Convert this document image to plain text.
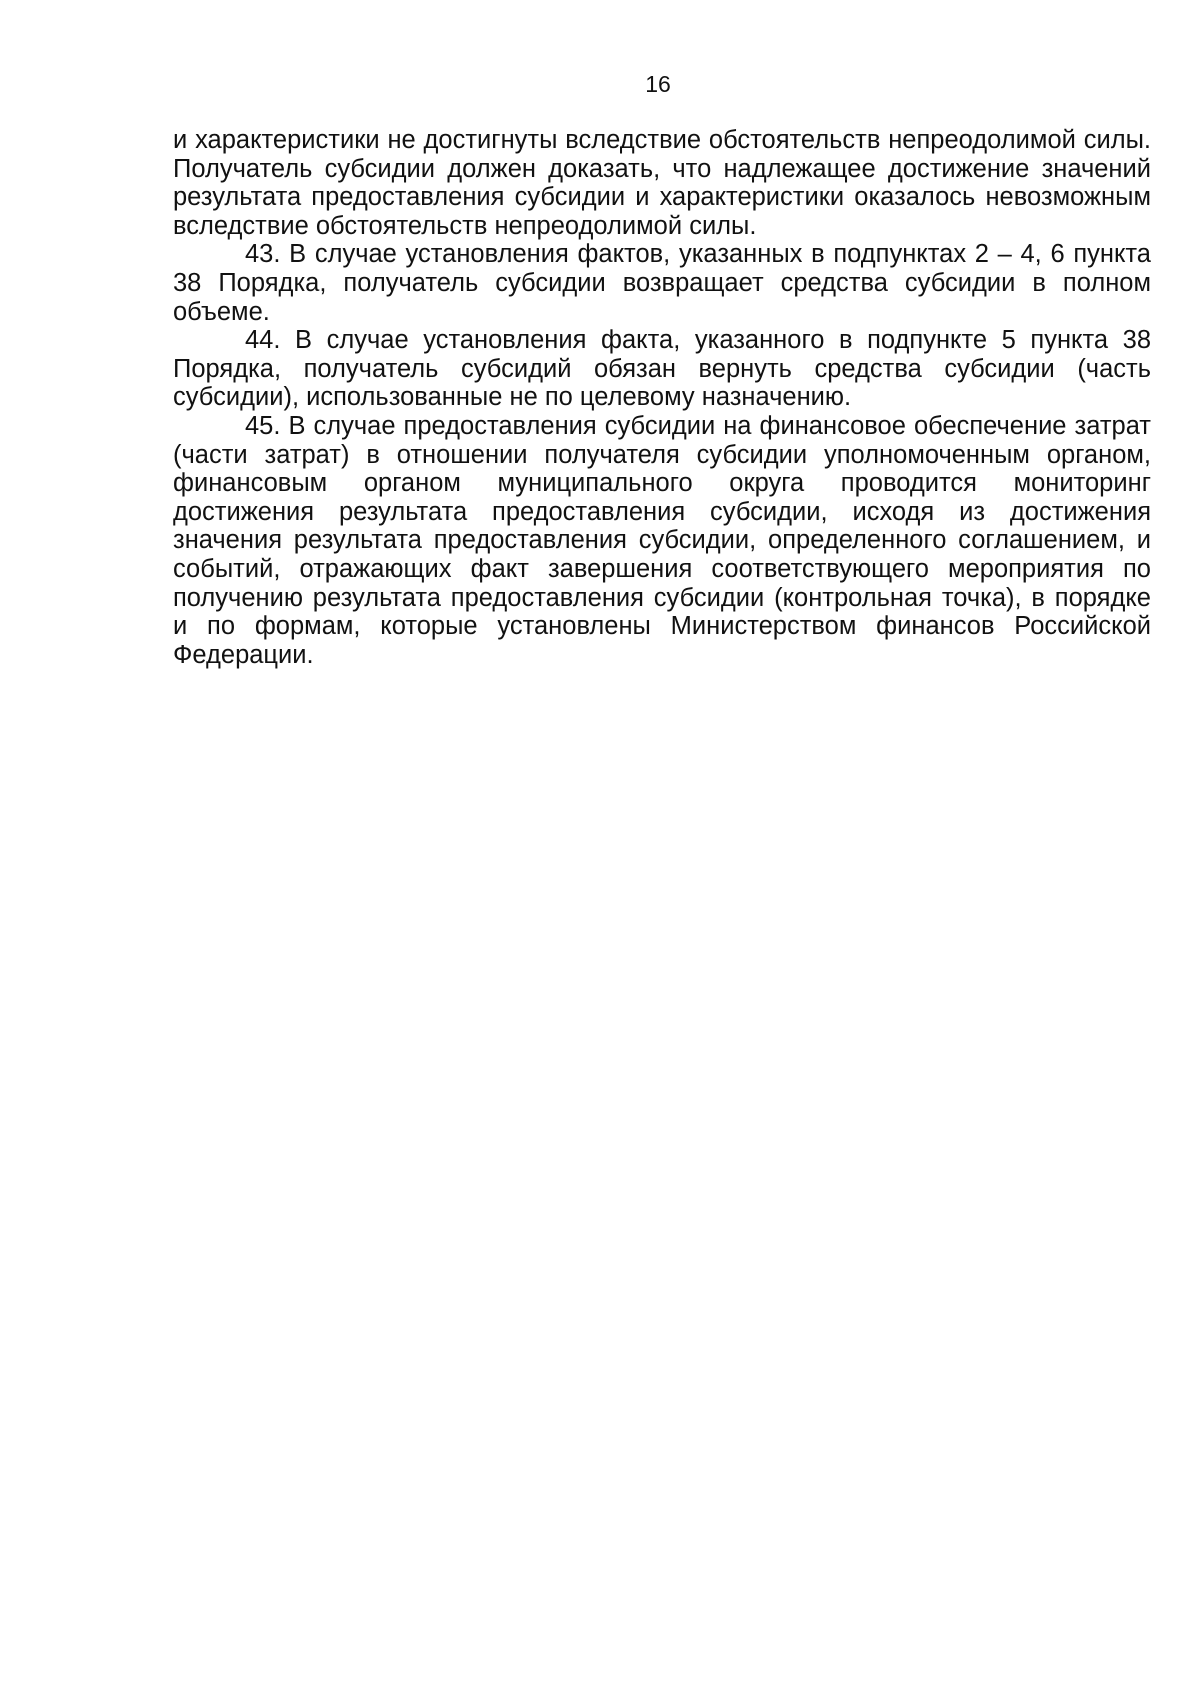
16

и характеристики не достигнуты вследствие обстоятельств непреодолимой силы. Получатель субсидии должен доказать, что надлежащее достижение значений результата предоставления субсидии и характеристики оказалось невозможным вследствие обстоятельств непреодолимой силы.

43. В случае установления фактов, указанных в подпунктах 2 – 4, 6 пункта 38 Порядка, получатель субсидии возвращает средства субсидии в полном объеме.

44. В случае установления факта, указанного в подпункте 5 пункта 38 Порядка, получатель субсидий обязан вернуть средства субсидии (часть субсидии), использованные не по целевому назначению.

45. В случае предоставления субсидии на финансовое обеспечение затрат (части затрат) в отношении получателя субсидии уполномоченным органом, финансовым органом муниципального округа проводится мониторинг достижения результата предоставления субсидии, исходя из достижения значения результата предоставления субсидии, определенного соглашением, и событий, отражающих факт завершения соответствующего мероприятия по получению результата предоставления субсидии (контрольная точка), в порядке и по формам, которые установлены Министерством финансов Российской Федерации.
